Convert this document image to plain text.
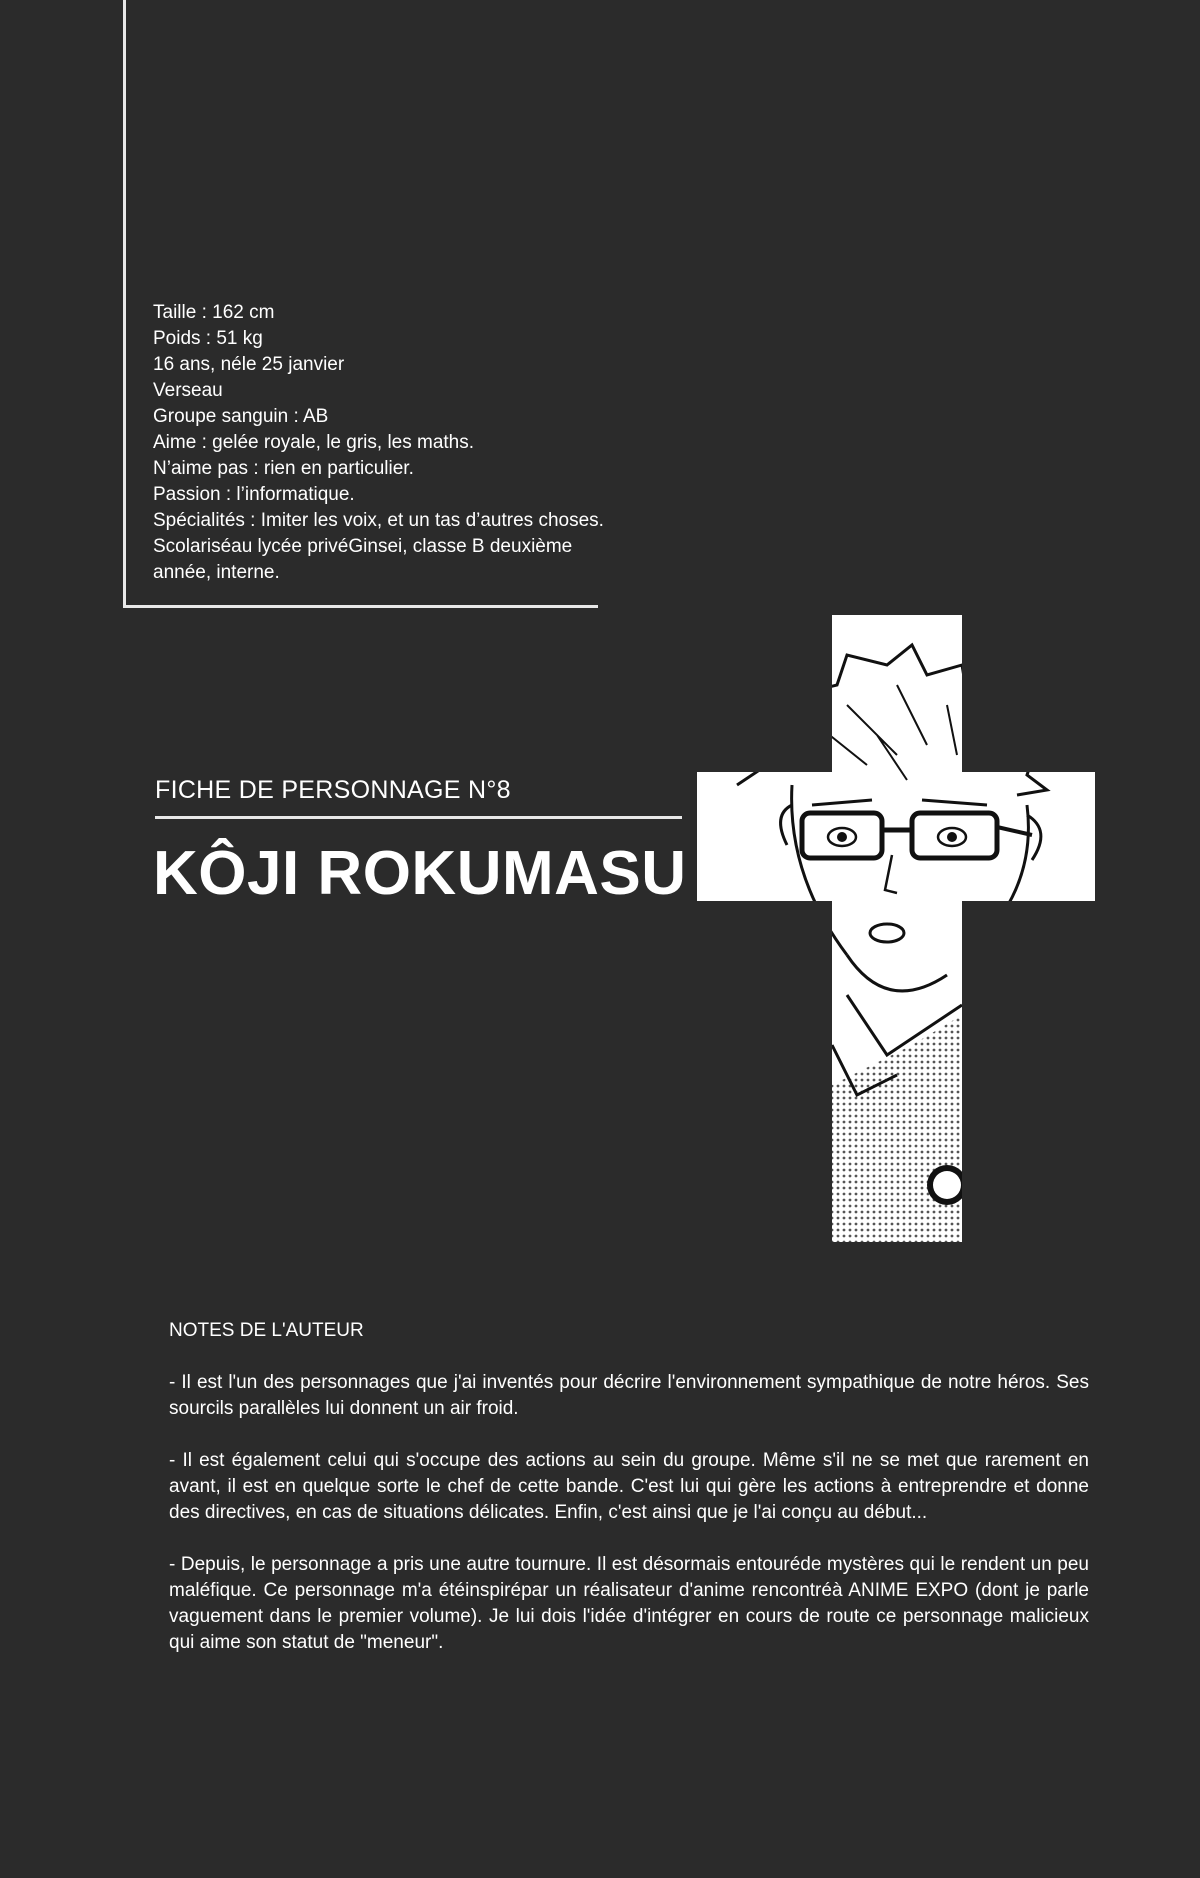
Taille : 162 cm
Poids : 51 kg
16 ans, néle 25 janvier
Verseau
Groupe sanguin : AB
Aime : gelée royale, le gris, les maths.
N’aime pas : rien en particulier.
Passion : l’informatique.
Spécialités : Imiter les voix, et un tas d’autres choses.
Scolariséau lycée privéGinsei, classe B deuxième
année, interne.
FICHE DE PERSONNAGE N°8
KÔJI ROKUMASU
NOTES DE L'AUTEUR

- Il est l'un des personnages que j'ai inventés pour décrire l'environnement sympathique de notre héros. Ses sourcils parallèles lui donnent un air froid.

- Il est également celui qui s'occupe des actions au sein du groupe. Même s'il ne se met que rarement en avant, il est en quelque sorte le chef de cette bande. C'est lui qui gère les actions à entreprendre et donne des directives, en cas de situations délicates. Enfin, c'est ainsi que je l'ai conçu au début...

- Depuis, le personnage a pris une autre tournure. Il est désormais entouréde mystères qui le rendent un peu maléfique. Ce personnage m'a étéinspirépar un réalisateur d'anime rencontréà ANIME EXPO (dont je parle vaguement dans le premier volume). Je lui dois l'idée d'intégrer en cours de route ce personnage malicieux qui aime son statut de "meneur".
